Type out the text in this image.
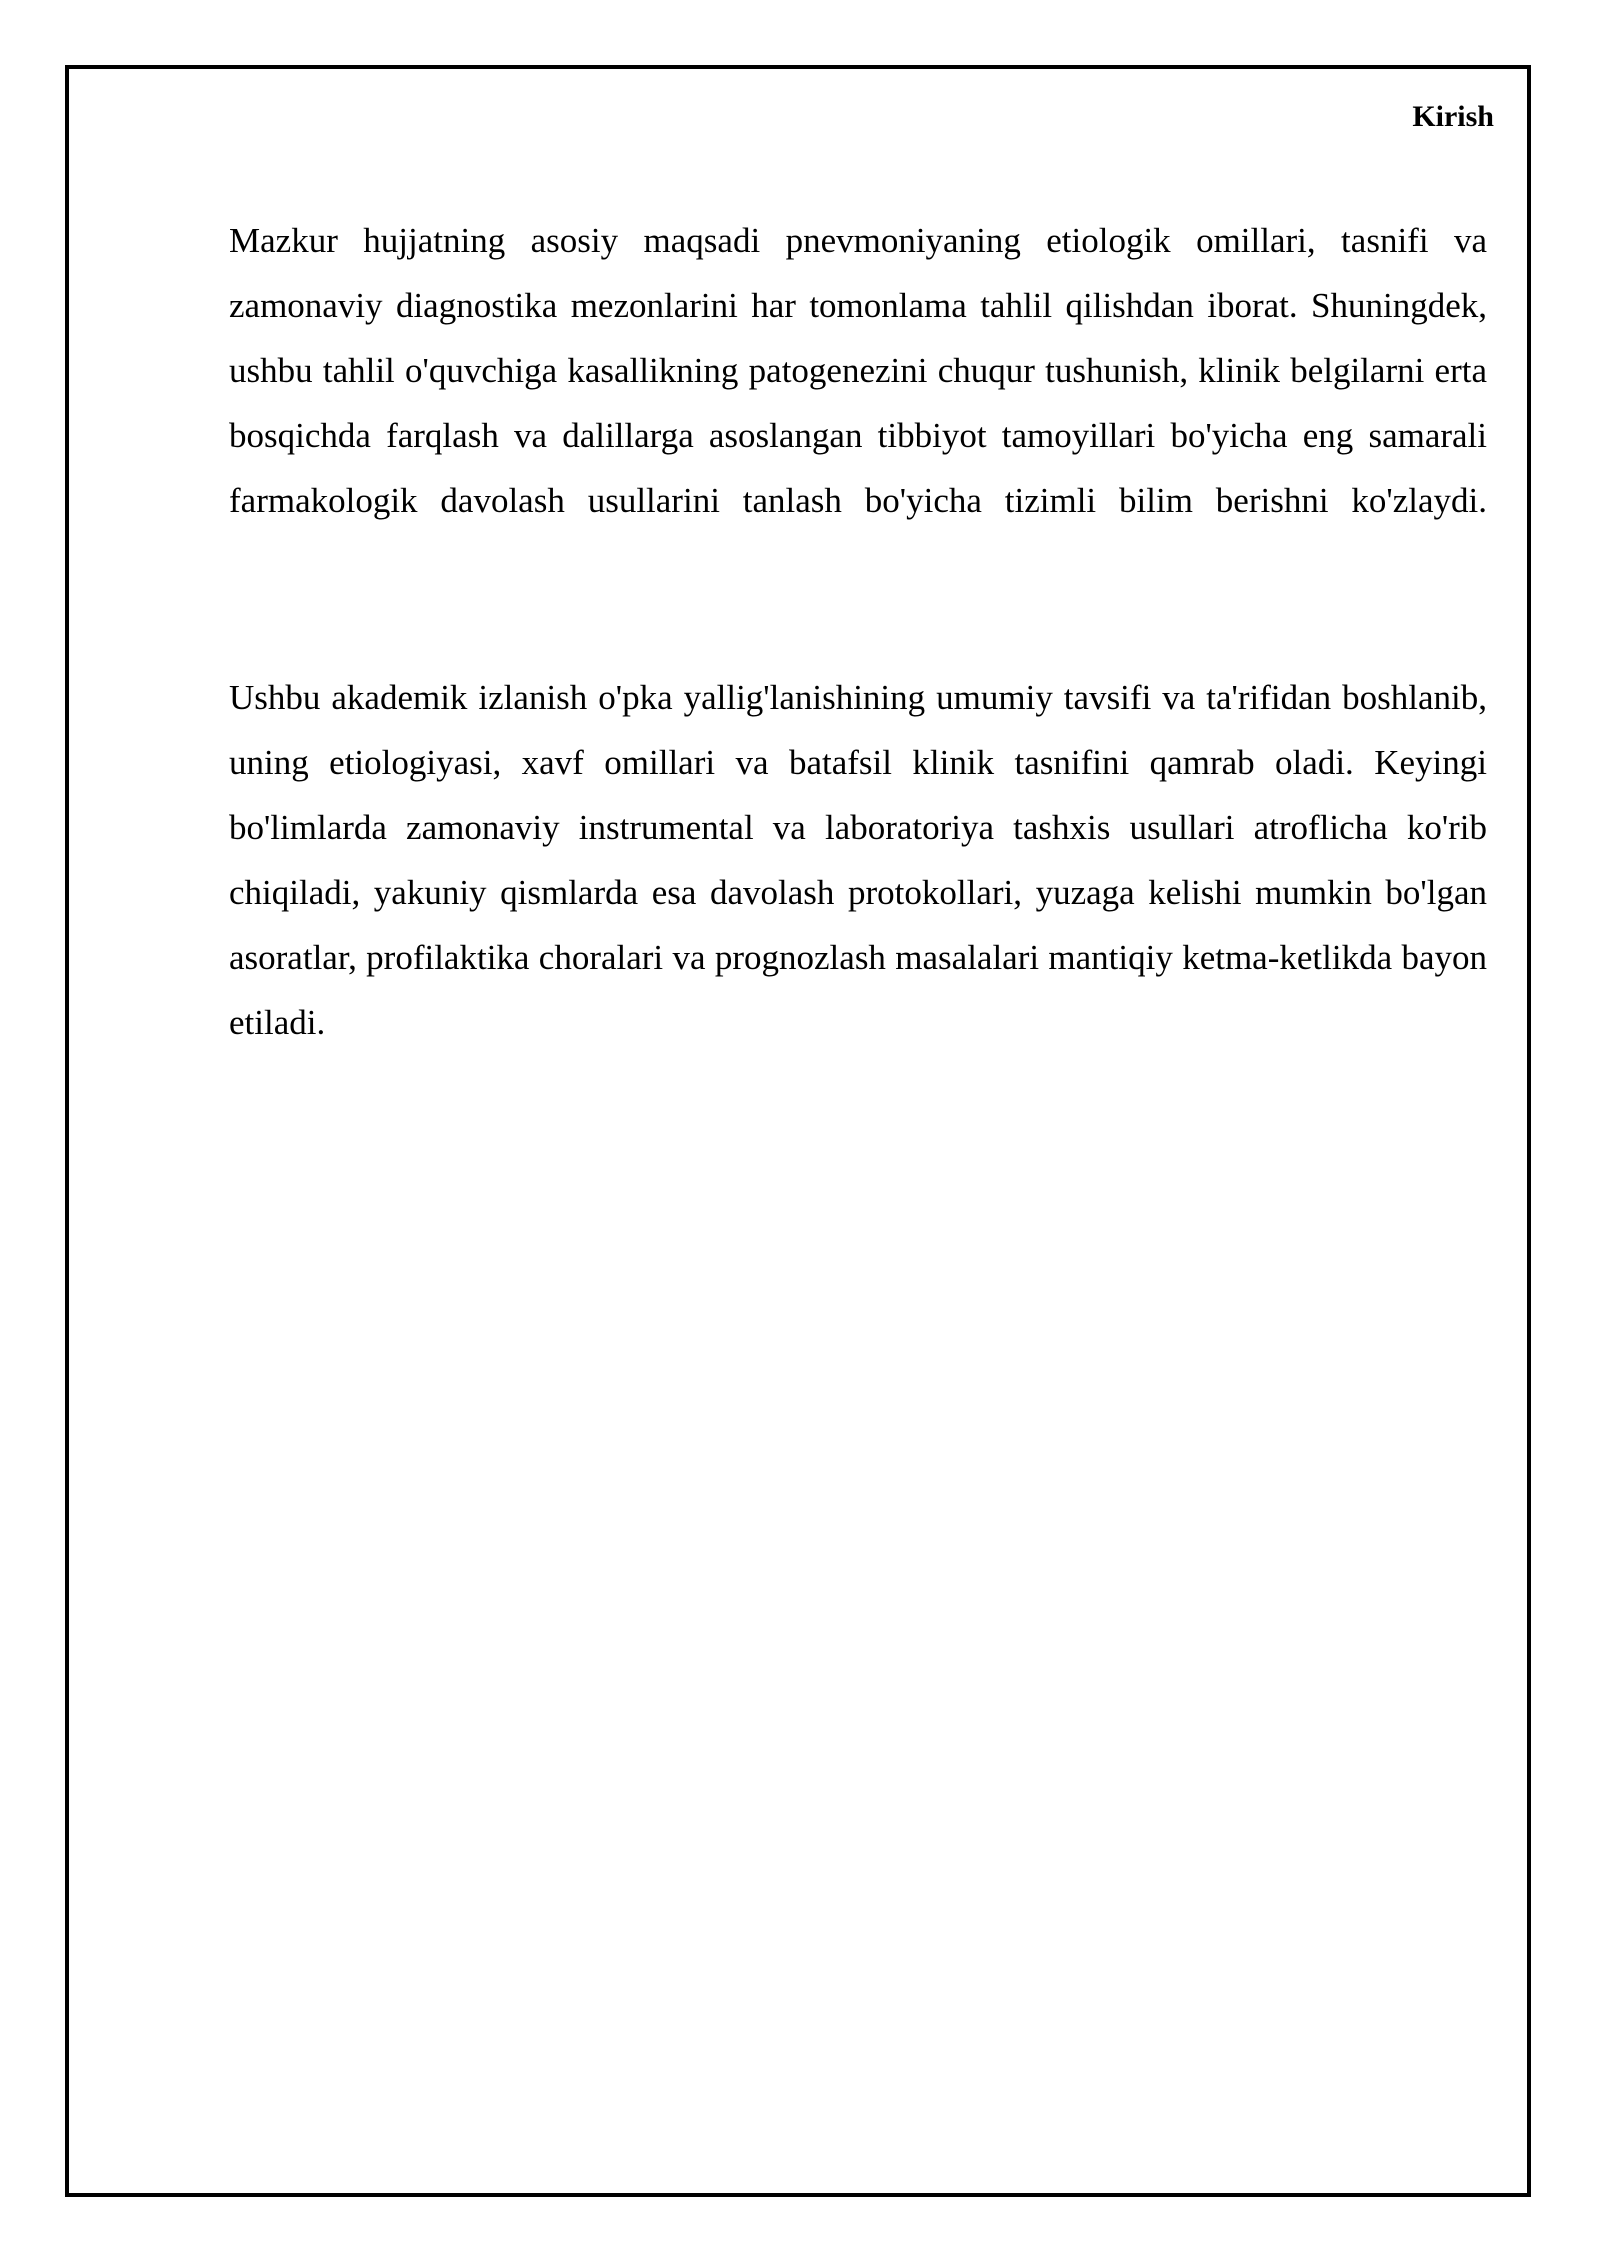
Kirish

Mazkur hujjatning asosiy maqsadi pnevmoniyaning etiologik omillari, tasnifi va zamonaviy diagnostika mezonlarini har tomonlama tahlil qilishdan iborat. Shuningdek, ushbu tahlil o'quvchiga kasallikning patogenezini chuqur tushunish, klinik belgilarni erta bosqichda farqlash va dalillarga asoslangan tibbiyot tamoyillari bo'yicha eng samarali farmakologik davolash usullarini tanlash bo'yicha tizimli bilim berishni ko'zlaydi.

Ushbu akademik izlanish o'pka yallig'lanishining umumiy tavsifi va ta'rifidan boshlanib, uning etiologiyasi, xavf omillari va batafsil klinik tasnifini qamrab oladi. Keyingi bo'limlarda zamonaviy instrumental va laboratoriya tashxis usullari atroflicha ko'rib chiqiladi, yakuniy qismlarda esa davolash protokollari, yuzaga kelishi mumkin bo'lgan asoratlar, profilaktika choralari va prognozlash masalalari mantiqiy ketma-ketlikda bayon etiladi.
